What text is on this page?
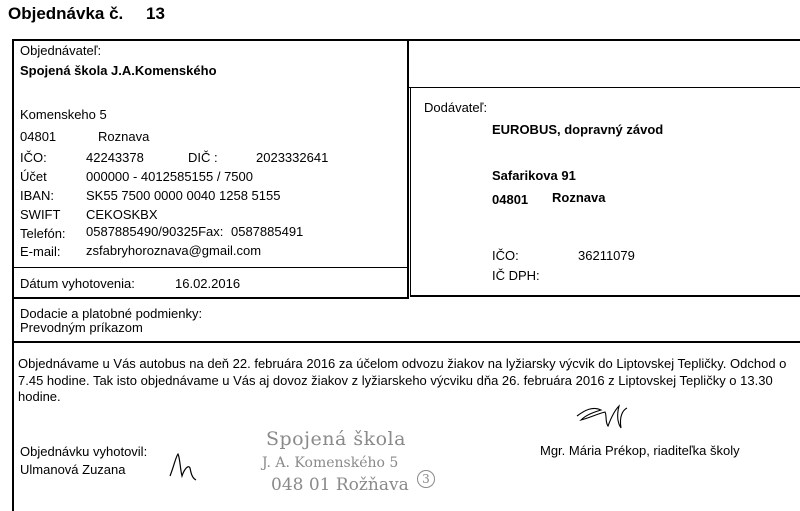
Objednávka č. 13
Objednávateľ:
Spojená škola J.A.Komenského
Komenskeho 5
04801	Roznava
IČO:	42243378	DIČ :	2023332641
Účet	000000 - 4012585155 / 7500
IBAN: SK55 7500 0000 0040 1258 5155
SWIFT CEKOSKBX
Telefón: 0587885490/90325Fax: 0587885491
E-mail: zsfabryhoroznava@gmail.com
Dátum vyhotovenia:	16.02.2016
Dodávateľ:
EUROBUS, dopravný závod
Safarikova 91
04801 Roznava
IČO:	36211079
IČ DPH:
Dodacie a platobné podmienky:
Prevodným príkazom
Objednávame u Vás autobus na deň 22. februára 2016 za účelom odvozu žiakov na lyžiarsky výcvik do Liptovskej Tepličky. Odchod o 7.45 hodine. Tak isto objednávame u Vás aj dovoz žiakov z lyžiarskeho výcviku dňa 26. februára 2016 z Liptovskej Tepličky o 13.30 hodine.
Objednávku vyhotovil:
Ulmanová Zuzana
Mgr. Mária Prékop, riaditeľka školy
Spojená škola
J. A. Komenského 5
048 01 Rožňava	3
